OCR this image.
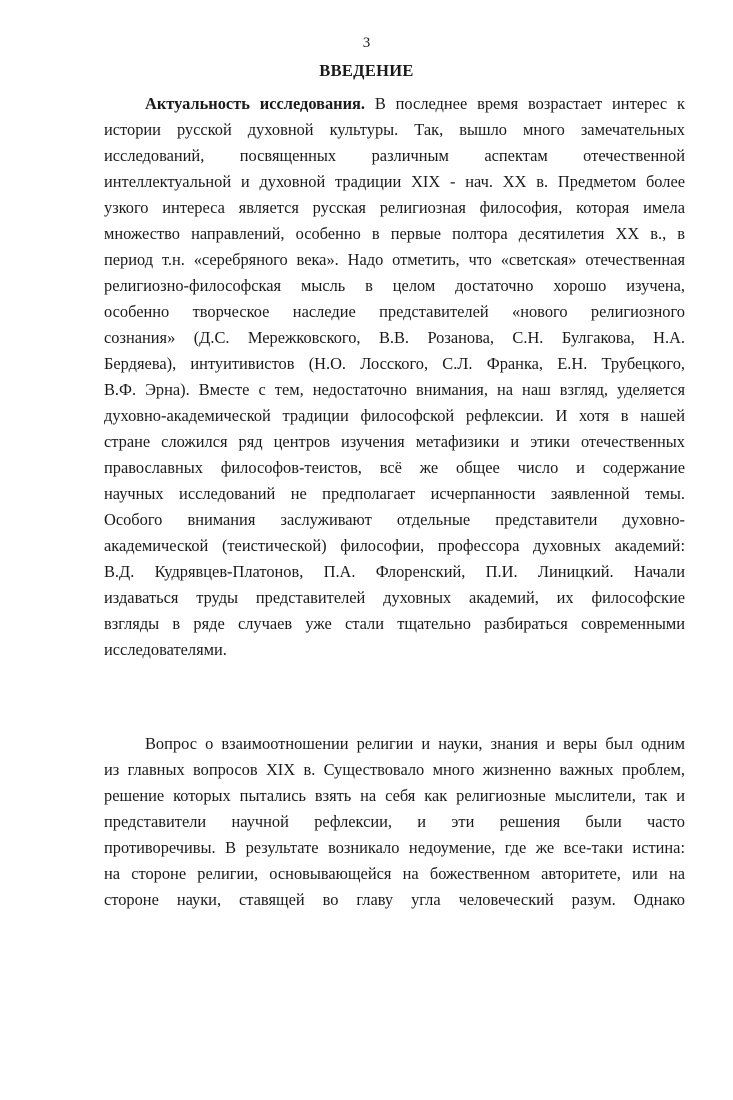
3
ВВЕДЕНИЕ
Актуальность исследования. В последнее время возрастает интерес к
истории русской духовной культуры. Так, вышло много замечательных
исследований, посвященных различным аспектам отечественной
интеллектуальной и духовной традиции XIX - нач. XX в. Предметом более
узкого интереса является русская религиозная философия, которая имела
множество направлений, особенно в первые полтора десятилетия XX в., в
период т.н. «серебряного века». Надо отметить, что «светская» отечественная
религиозно-философская мысль в целом достаточно хорошо изучена,
особенно творческое наследие представителей «нового религиозного
сознания» (Д.С. Мережковского, В.В. Розанова, С.Н. Булгакова, Н.А.
Бердяева), интуитивистов (Н.О. Лосского, С.Л. Франка, Е.Н. Трубецкого,
В.Ф. Эрна). Вместе с тем, недостаточно внимания, на наш взгляд, уделяется
духовно-академической традиции философской рефлексии. И хотя в нашей
стране сложился ряд центров изучения метафизики и этики отечественных
православных философов-теистов, всё же общее число и содержание
научных исследований не предполагает исчерпанности заявленной темы.
Особого внимания заслуживают отдельные представители духовно-
академической (теистической) философии, профессора духовных академий:
В.Д. Кудрявцев-Платонов, П.А. Флоренский, П.И. Линицкий. Начали
издаваться труды представителей духовных академий, их философские
взгляды в ряде случаев уже стали тщательно разбираться современными
исследователями.
Вопрос о взаимоотношении религии и науки, знания и веры был одним
из главных вопросов XIX в. Существовало много жизненно важных проблем,
решение которых пытались взять на себя как религиозные мыслители, так и
представители научной рефлексии, и эти решения были часто
противоречивы. В результате возникало недоумение, где же все-таки истина:
на стороне религии, основывающейся на божественном авторитете, или на
стороне науки, ставящей во главу угла человеческий разум. Однако
